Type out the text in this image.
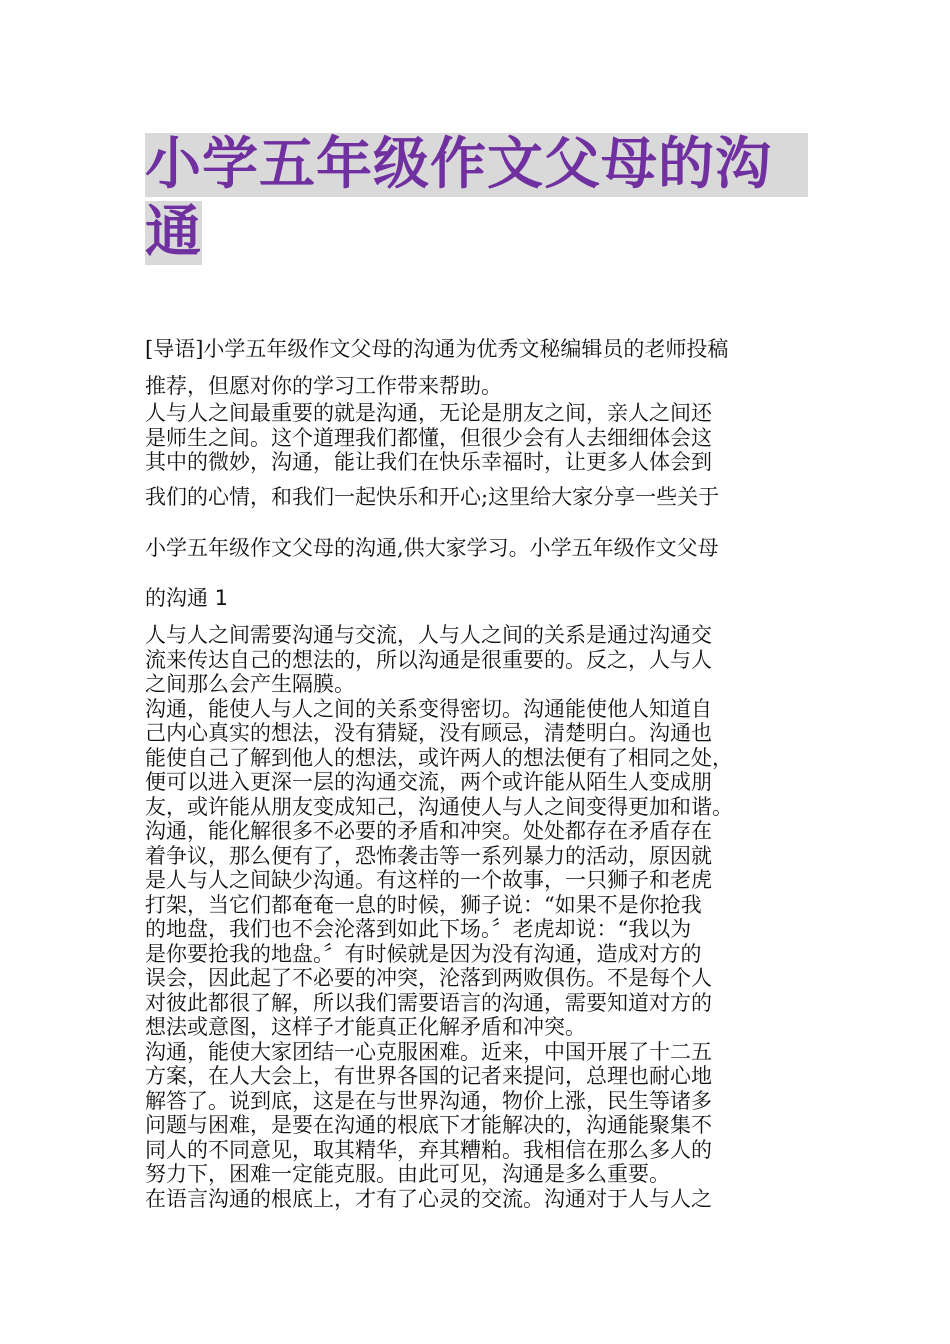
小学五年级作文父母的沟
通
[导语]小学五年级作文父母的沟通为优秀文秘编辑员的老师投稿
推荐，但愿对你的学习工作带来帮助。
人与人之间最重要的就是沟通，无论是朋友之间，亲人之间还
是师生之间。这个道理我们都懂，但很少会有人去细细体会这
其中的微妙，沟通，能让我们在快乐幸福时，让更多人体会到
我们的心情，和我们一起快乐和开心;这里给大家分享一些关于
小学五年级作文父母的沟通,供大家学习。小学五年级作文父母
的沟通 1
人与人之间需要沟通与交流，人与人之间的关系是通过沟通交
流来传达自己的想法的，所以沟通是很重要的。反之，人与人
之间那么会产生隔膜。
沟通，能使人与人之间的关系变得密切。沟通能使他人知道自
己内心真实的想法，没有猜疑，没有顾忌，清楚明白。沟通也
能使自己了解到他人的想法，或许两人的想法便有了相同之处，
便可以进入更深一层的沟通交流，两个或许能从陌生人变成朋
友，或许能从朋友变成知己，沟通使人与人之间变得更加和谐。
沟通，能化解很多不必要的矛盾和冲突。处处都存在矛盾存在
着争议，那么便有了，恐怖袭击等一系列暴力的活动，原因就
是人与人之间缺少沟通。有这样的一个故事，一只狮子和老虎
打架，当它们都奄奄一息的时候，狮子说：“如果不是你抢我
的地盘，我们也不会沦落到如此下场。〞老虎却说：“我以为
是你要抢我的地盘。〞有时候就是因为没有沟通，造成对方的
误会，因此起了不必要的冲突，沦落到两败俱伤。不是每个人
对彼此都很了解，所以我们需要语言的沟通，需要知道对方的
想法或意图，这样子才能真正化解矛盾和冲突。
沟通，能使大家团结一心克服困难。近来，中国开展了十二五
方案，在人大会上，有世界各国的记者来提问，总理也耐心地
解答了。说到底，这是在与世界沟通，物价上涨，民生等诸多
问题与困难，是要在沟通的根底下才能解决的，沟通能聚集不
同人的不同意见，取其精华，弃其糟粕。我相信在那么多人的
努力下，困难一定能克服。由此可见，沟通是多么重要。
在语言沟通的根底上，才有了心灵的交流。沟通对于人与人之
